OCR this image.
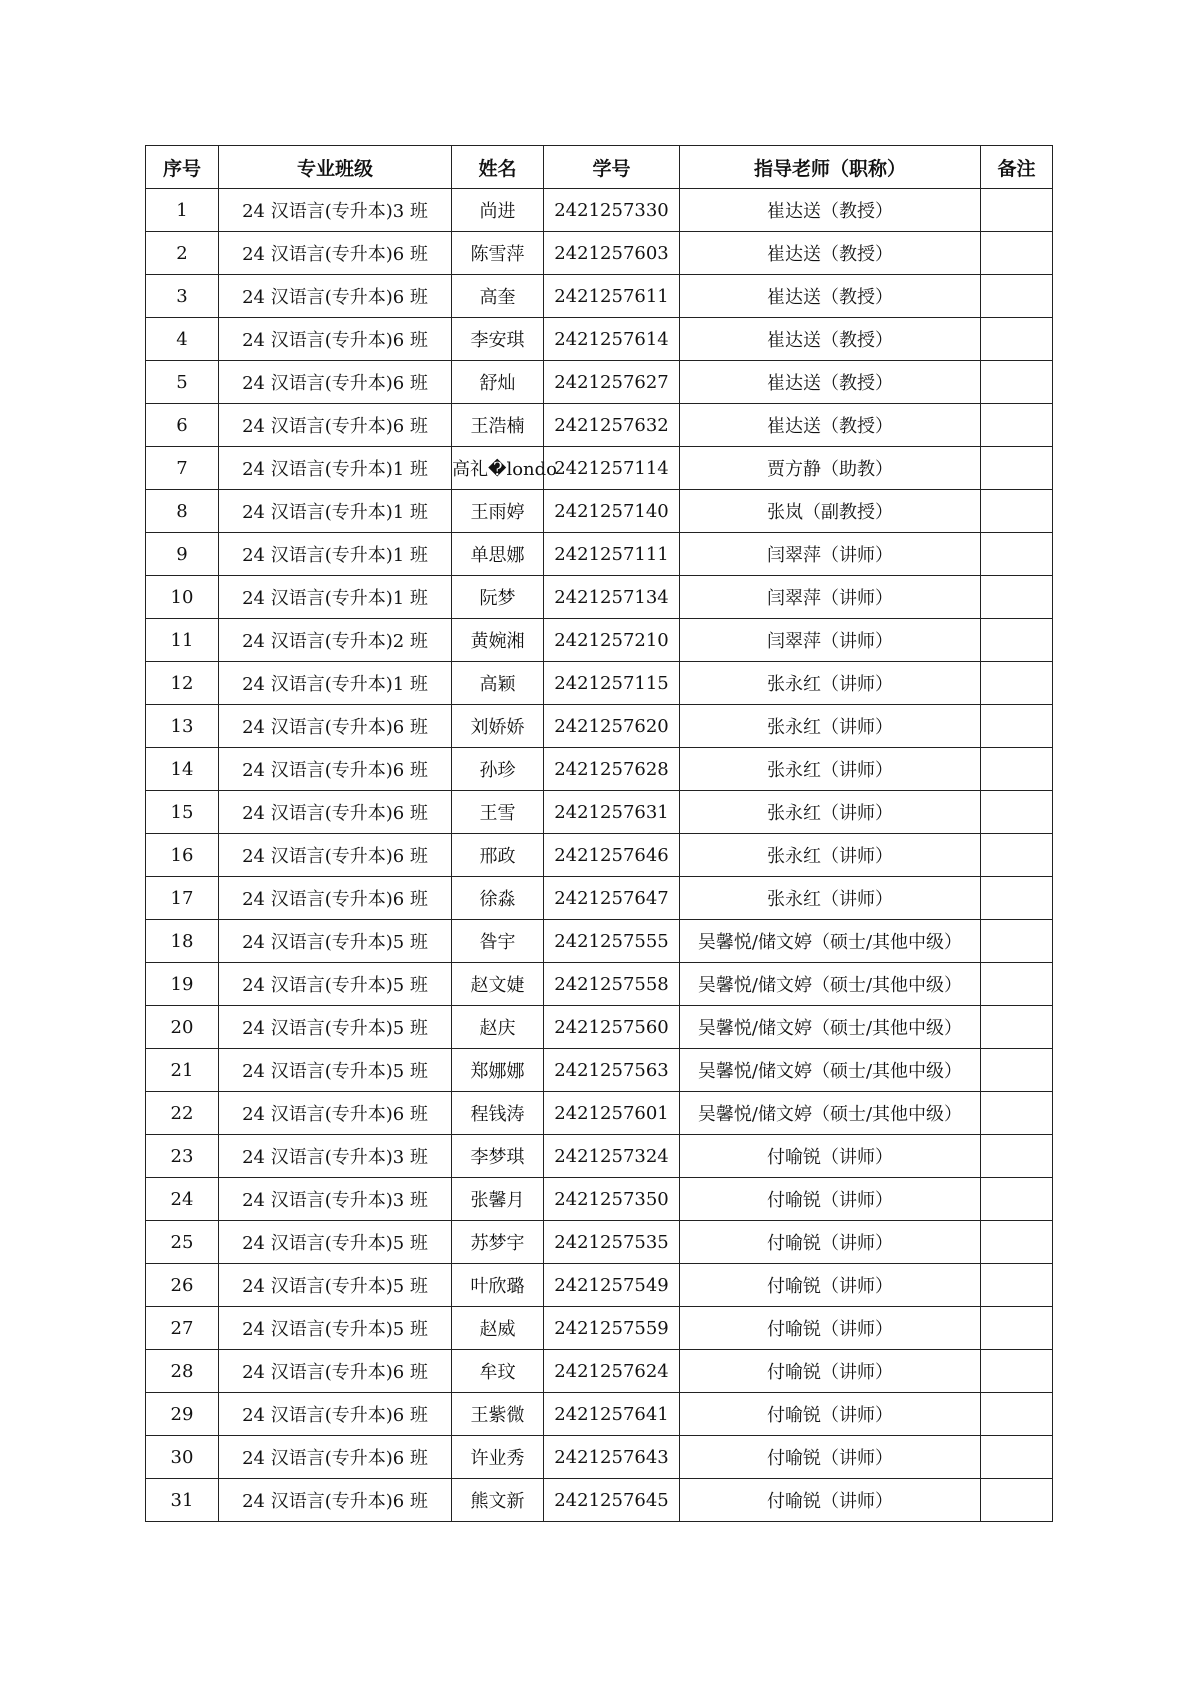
序号	专业班级	姓名	学号	指导老师（职称）	备注
1	24 汉语言(专升本)3 班	尚进	2421257330	崔达送（教授）	
2	24 汉语言(专升本)6 班	陈雪萍	2421257603	崔达送（教授）	
3	24 汉语言(专升本)6 班	高奎	2421257611	崔达送（教授）	
4	24 汉语言(专升本)6 班	李安琪	2421257614	崔达送（教授）	
5	24 汉语言(专升本)6 班	舒灿	2421257627	崔达送（教授）	
6	24 汉语言(专升本)6 班	王浩楠	2421257632	崔达送（教授）	
7	24 汉语言(专升本)1 班	高礼�londo	2421257114	贾方静（助教）	
8	24 汉语言(专升本)1 班	王雨婷	2421257140	张岚（副教授）	
9	24 汉语言(专升本)1 班	单思娜	2421257111	闫翠萍（讲师）	
10	24 汉语言(专升本)1 班	阮梦	2421257134	闫翠萍（讲师）	
11	24 汉语言(专升本)2 班	黄婉湘	2421257210	闫翠萍（讲师）	
12	24 汉语言(专升本)1 班	高颖	2421257115	张永红（讲师）	
13	24 汉语言(专升本)6 班	刘娇娇	2421257620	张永红（讲师）	
14	24 汉语言(专升本)6 班	孙珍	2421257628	张永红（讲师）	
15	24 汉语言(专升本)6 班	王雪	2421257631	张永红（讲师）	
16	24 汉语言(专升本)6 班	邢政	2421257646	张永红（讲师）	
17	24 汉语言(专升本)6 班	徐淼	2421257647	张永红（讲师）	
18	24 汉语言(专升本)5 班	昝宇	2421257555	吴馨悦/储文婷（硕士/其他中级）	
19	24 汉语言(专升本)5 班	赵文婕	2421257558	吴馨悦/储文婷（硕士/其他中级）	
20	24 汉语言(专升本)5 班	赵庆	2421257560	吴馨悦/储文婷（硕士/其他中级）	
21	24 汉语言(专升本)5 班	郑娜娜	2421257563	吴馨悦/储文婷（硕士/其他中级）	
22	24 汉语言(专升本)6 班	程钱涛	2421257601	吴馨悦/储文婷（硕士/其他中级）	
23	24 汉语言(专升本)3 班	李梦琪	2421257324	付喻锐（讲师）	
24	24 汉语言(专升本)3 班	张馨月	2421257350	付喻锐（讲师）	
25	24 汉语言(专升本)5 班	苏梦宇	2421257535	付喻锐（讲师）	
26	24 汉语言(专升本)5 班	叶欣璐	2421257549	付喻锐（讲师）	
27	24 汉语言(专升本)5 班	赵威	2421257559	付喻锐（讲师）	
28	24 汉语言(专升本)6 班	牟玟	2421257624	付喻锐（讲师）	
29	24 汉语言(专升本)6 班	王紫微	2421257641	付喻锐（讲师）	
30	24 汉语言(专升本)6 班	许业秀	2421257643	付喻锐（讲师）	
31	24 汉语言(专升本)6 班	熊文新	2421257645	付喻锐（讲师）	
